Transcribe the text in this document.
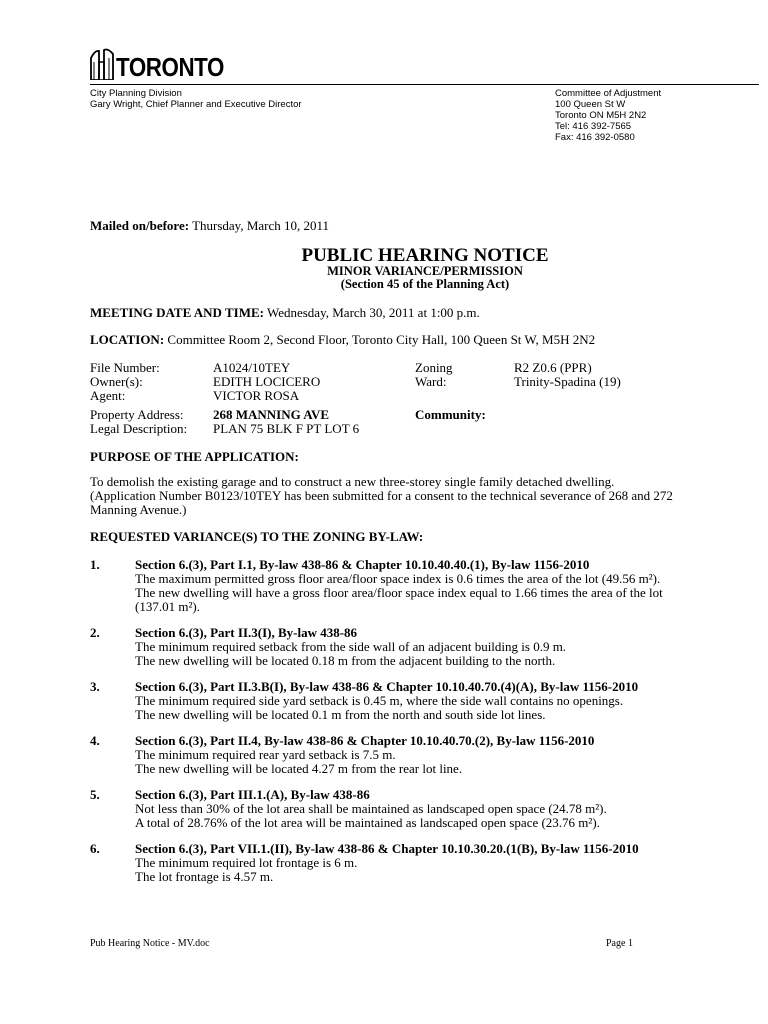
TORONTO
City Planning Division
Gary Wright, Chief Planner and Executive Director
Committee of Adjustment
100 Queen St W
Toronto ON M5H 2N2
Tel: 416 392-7565
Fax: 416 392-0580
Mailed on/before: Thursday, March 10, 2011
PUBLIC HEARING NOTICE
MINOR VARIANCE/PERMISSION
(Section 45 of the Planning Act)
MEETING DATE AND TIME: Wednesday, March 30, 2011 at 1:00 p.m.
LOCATION: Committee Room 2, Second Floor, Toronto City Hall, 100 Queen St W, M5H 2N2
File Number:	A1024/10TEY	Zoning	R2 Z0.6 (PPR)
Owner(s):	EDITH LOCICERO	Ward:	Trinity-Spadina (19)
Agent:	VICTOR ROSA
Property Address: 268 MANNING AVE	Community:
Legal Description: PLAN 75 BLK F PT LOT 6
PURPOSE OF THE APPLICATION:
To demolish the existing garage and to construct a new three-storey single family detached dwelling.
(Application Number B0123/10TEY has been submitted for a consent to the technical severance of 268 and 272
Manning Avenue.)
REQUESTED VARIANCE(S) TO THE ZONING BY-LAW:
1.	Section 6.(3), Part I.1, By-law 438-86 & Chapter 10.10.40.40.(1), By-law 1156-2010
The maximum permitted gross floor area/floor space index is 0.6 times the area of the lot (49.56 m²).
The new dwelling will have a gross floor area/floor space index equal to 1.66 times the area of the lot
(137.01 m²).
2.	Section 6.(3), Part II.3(I), By-law 438-86
The minimum required setback from the side wall of an adjacent building is 0.9 m.
The new dwelling will be located 0.18 m from the adjacent building to the north.
3.	Section 6.(3), Part II.3.B(I), By-law 438-86 & Chapter 10.10.40.70.(4)(A), By-law 1156-2010
The minimum required side yard setback is 0.45 m, where the side wall contains no openings.
The new dwelling will be located 0.1 m from the north and south side lot lines.
4.	Section 6.(3), Part II.4, By-law 438-86 & Chapter 10.10.40.70.(2), By-law 1156-2010
The minimum required rear yard setback is 7.5 m.
The new dwelling will be located 4.27 m from the rear lot line.
5.	Section 6.(3), Part III.1.(A), By-law 438-86
Not less than 30% of the lot area shall be maintained as landscaped open space (24.78 m²).
A total of 28.76% of the lot area will be maintained as landscaped open space (23.76 m²).
6.	Section 6.(3), Part VII.1.(II), By-law 438-86 & Chapter 10.10.30.20.(1(B), By-law 1156-2010
The minimum required lot frontage is 6 m.
The lot frontage is 4.57 m.
Pub Hearing Notice - MV.doc	Page 1
